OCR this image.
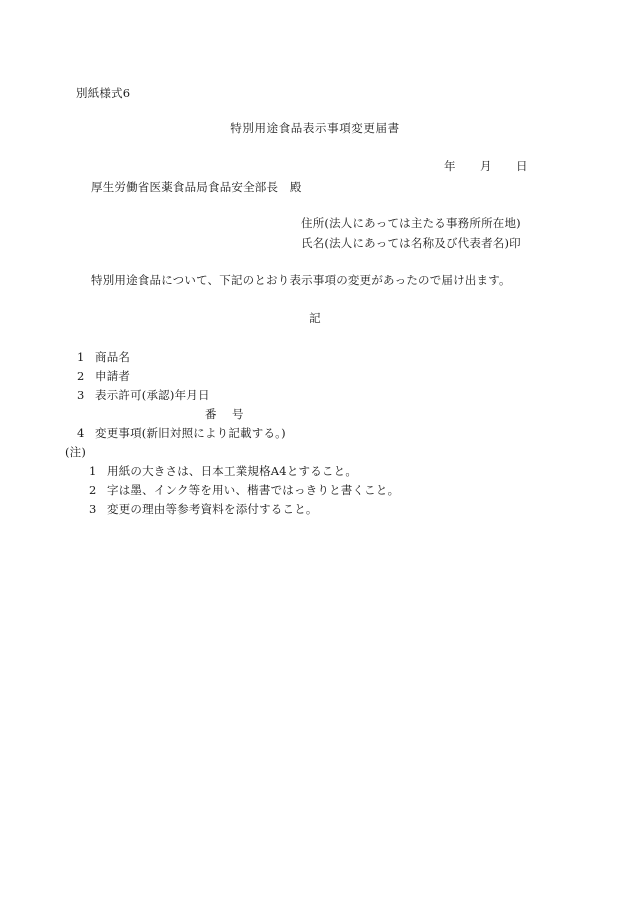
別紙様式6
特別用途食品表示事項変更届書
年 月 日
厚生労働省医薬食品局食品安全部長　殿
住所(法人にあっては主たる事務所所在地)
氏名(法人にあっては名称及び代表者名)印
特別用途食品について、下記のとおり表示事項の変更があったので届け出ます。
記
1 商品名
2 申請者
3 表示許可(承認)年月日
番　号
4 変更事項(新旧対照により記載する。)
(注)
1 用紙の大きさは、日本工業規格A4とすること。
2 字は墨、インク等を用い、楷書ではっきりと書くこと。
3 変更の理由等参考資料を添付すること。
